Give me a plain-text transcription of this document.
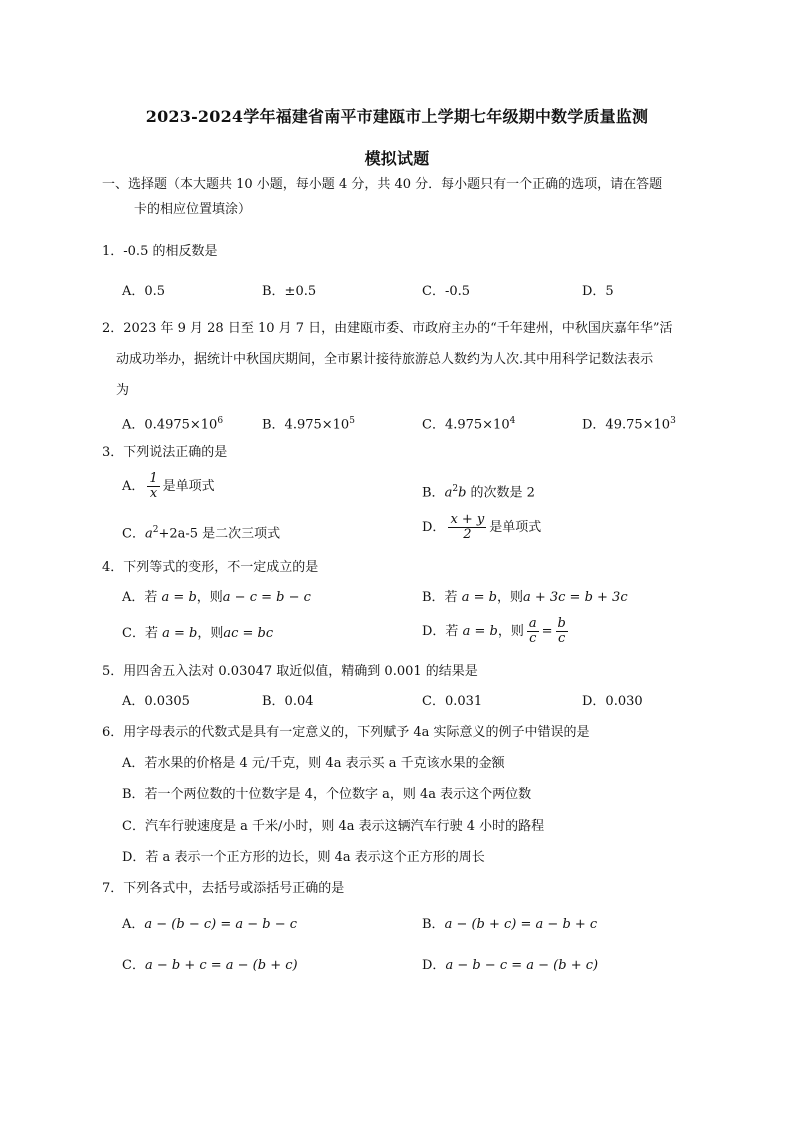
2023-2024学年福建省南平市建瓯市上学期七年级期中数学质量监测
模拟试题
一、选择题（本大题共 10 小题，每小题 4 分，共 40 分．每小题只有一个正确的选项，请在答题
卡的相应位置填涂）
1．-0.5 的相反数是
A．0.5	B．±0.5	C．-0.5	D．5
2．2023 年 9 月 28 日至 10 月 7 日，由建瓯市委、市政府主办的“千年建州，中秋国庆嘉年华”活
动成功举办，据统计中秋国庆期间，全市累计接待旅游总人数约为人次.其中用科学记数法表示
为
A．$0.4975\times 10^6$	B．$4.975\times 10^5$	C．$4.975\times 10^4$	D．$49.75\times 10^3$
3．下列说法正确的是
A． $\frac{1}{x}$ 是单项式	B．$a^2b$ 的次数是 2
C．$a^2+2a-5$ 是二次三项式	D． $\frac{x + y}{2}$ 是单项式
4．下列等式的变形，不一定成立的是
A．若 a = b，则a − c = b − c	B．若 a = b，则a + 3c = b + 3c
C．若 a = b，则ac = bc	D．若 a = b，则 $\frac{a}{c} = \frac{b}{c}$
5．用四舍五入法对 0.03047 取近似值，精确到 0.001 的结果是
A．0.0305	B．0.04	C．0.031	D．0.030
6．用字母表示的代数式是具有一定意义的，下列赋予 4a 实际意义的例子中错误的是
A．若水果的价格是 4 元/千克，则 4a 表示买 a 千克该水果的金额
B．若一个两位数的十位数字是 4，个位数字 a，则 4a 表示这个两位数
C．汽车行驶速度是 a 千米/小时，则 4a 表示这辆汽车行驶 4 小时的路程
D．若 a 表示一个正方形的边长，则 4a 表示这个正方形的周长
7．下列各式中，去括号或添括号正确的是
A．a − (b − c) = a − b − c	B．a − (b + c) = a − b + c
C．a − b + c = a − (b + c)	D．a − b − c = a − (b + c)
